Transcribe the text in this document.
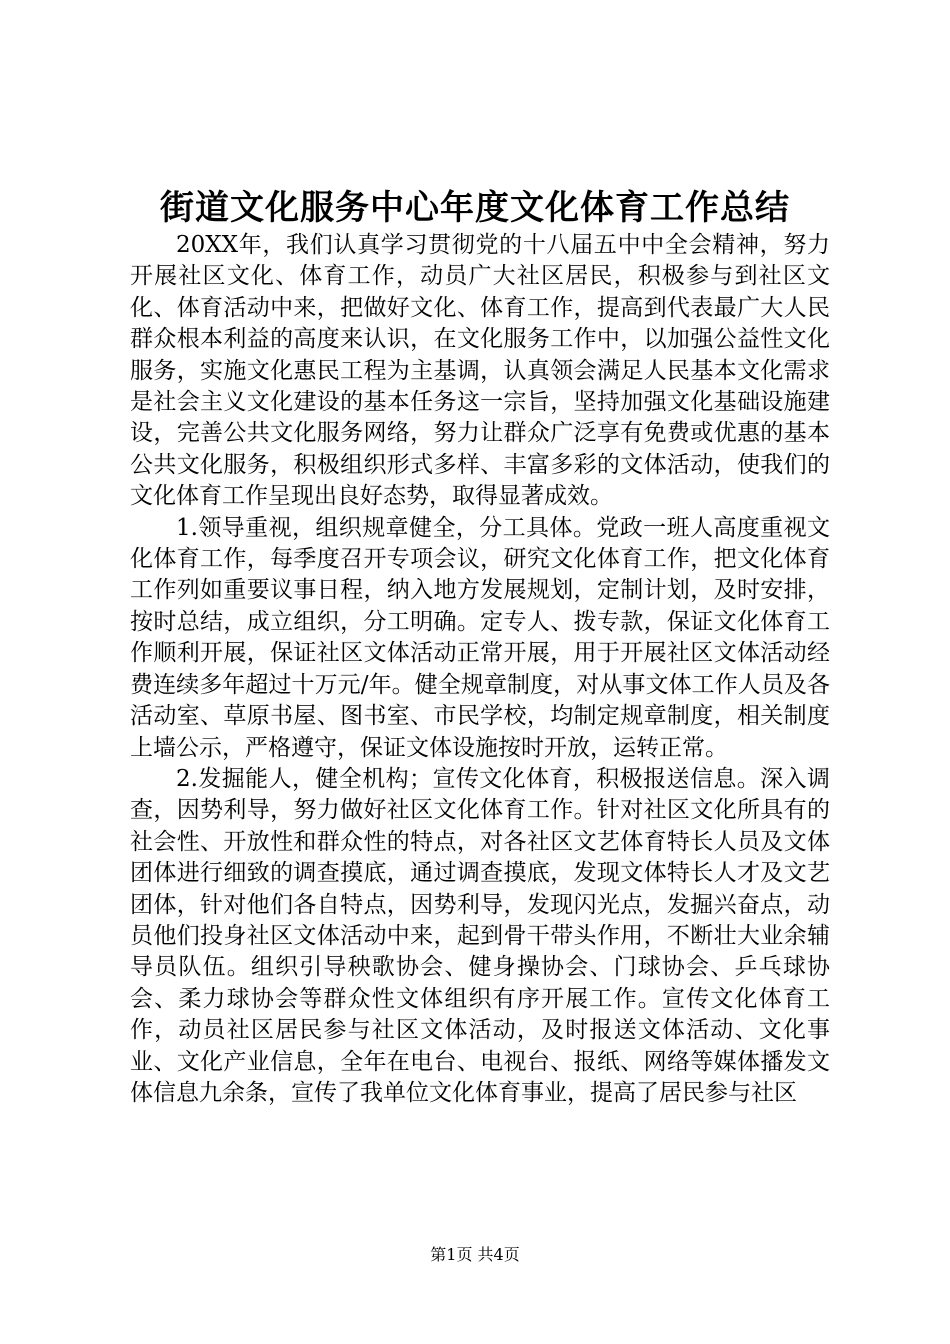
街道文化服务中心年度文化体育工作总结

20XX年，我们认真学习贯彻党的十八届五中中全会精神，努力开展社区文化、体育工作，动员广大社区居民，积极参与到社区文化、体育活动中来，把做好文化、体育工作，提高到代表最广大人民群众根本利益的高度来认识，在文化服务工作中，以加强公益性文化服务，实施文化惠民工程为主基调，认真领会满足人民基本文化需求是社会主义文化建设的基本任务这一宗旨，坚持加强文化基础设施建设，完善公共文化服务网络，努力让群众广泛享有免费或优惠的基本公共文化服务，积极组织形式多样、丰富多彩的文体活动，使我们的文化体育工作呈现出良好态势，取得显著成效。

1.领导重视，组织规章健全，分工具体。党政一班人高度重视文化体育工作，每季度召开专项会议，研究文化体育工作，把文化体育工作列如重要议事日程，纳入地方发展规划，定制计划，及时安排，按时总结，成立组织，分工明确。定专人、拨专款，保证文化体育工作顺利开展，保证社区文体活动正常开展，用于开展社区文体活动经费连续多年超过十万元/年。健全规章制度，对从事文体工作人员及各活动室、草原书屋、图书室、市民学校，均制定规章制度，相关制度上墙公示，严格遵守，保证文体设施按时开放，运转正常。

2.发掘能人，健全机构；宣传文化体育，积极报送信息。深入调查，因势利导，努力做好社区文化体育工作。针对社区文化所具有的社会性、开放性和群众性的特点，对各社区文艺体育特长人员及文体团体进行细致的调查摸底，通过调查摸底，发现文体特长人才及文艺团体，针对他们各自特点，因势利导，发现闪光点，发掘兴奋点，动员他们投身社区文体活动中来，起到骨干带头作用，不断壮大业余辅导员队伍。组织引导秧歌协会、健身操协会、门球协会、乒乓球协会、柔力球协会等群众性文体组织有序开展工作。宣传文化体育工作，动员社区居民参与社区文体活动，及时报送文体活动、文化事业、文化产业信息，全年在电台、电视台、报纸、网络等媒体播发文体信息九余条，宣传了我单位文化体育事业，提高了居民参与社区

第1页 共4页
